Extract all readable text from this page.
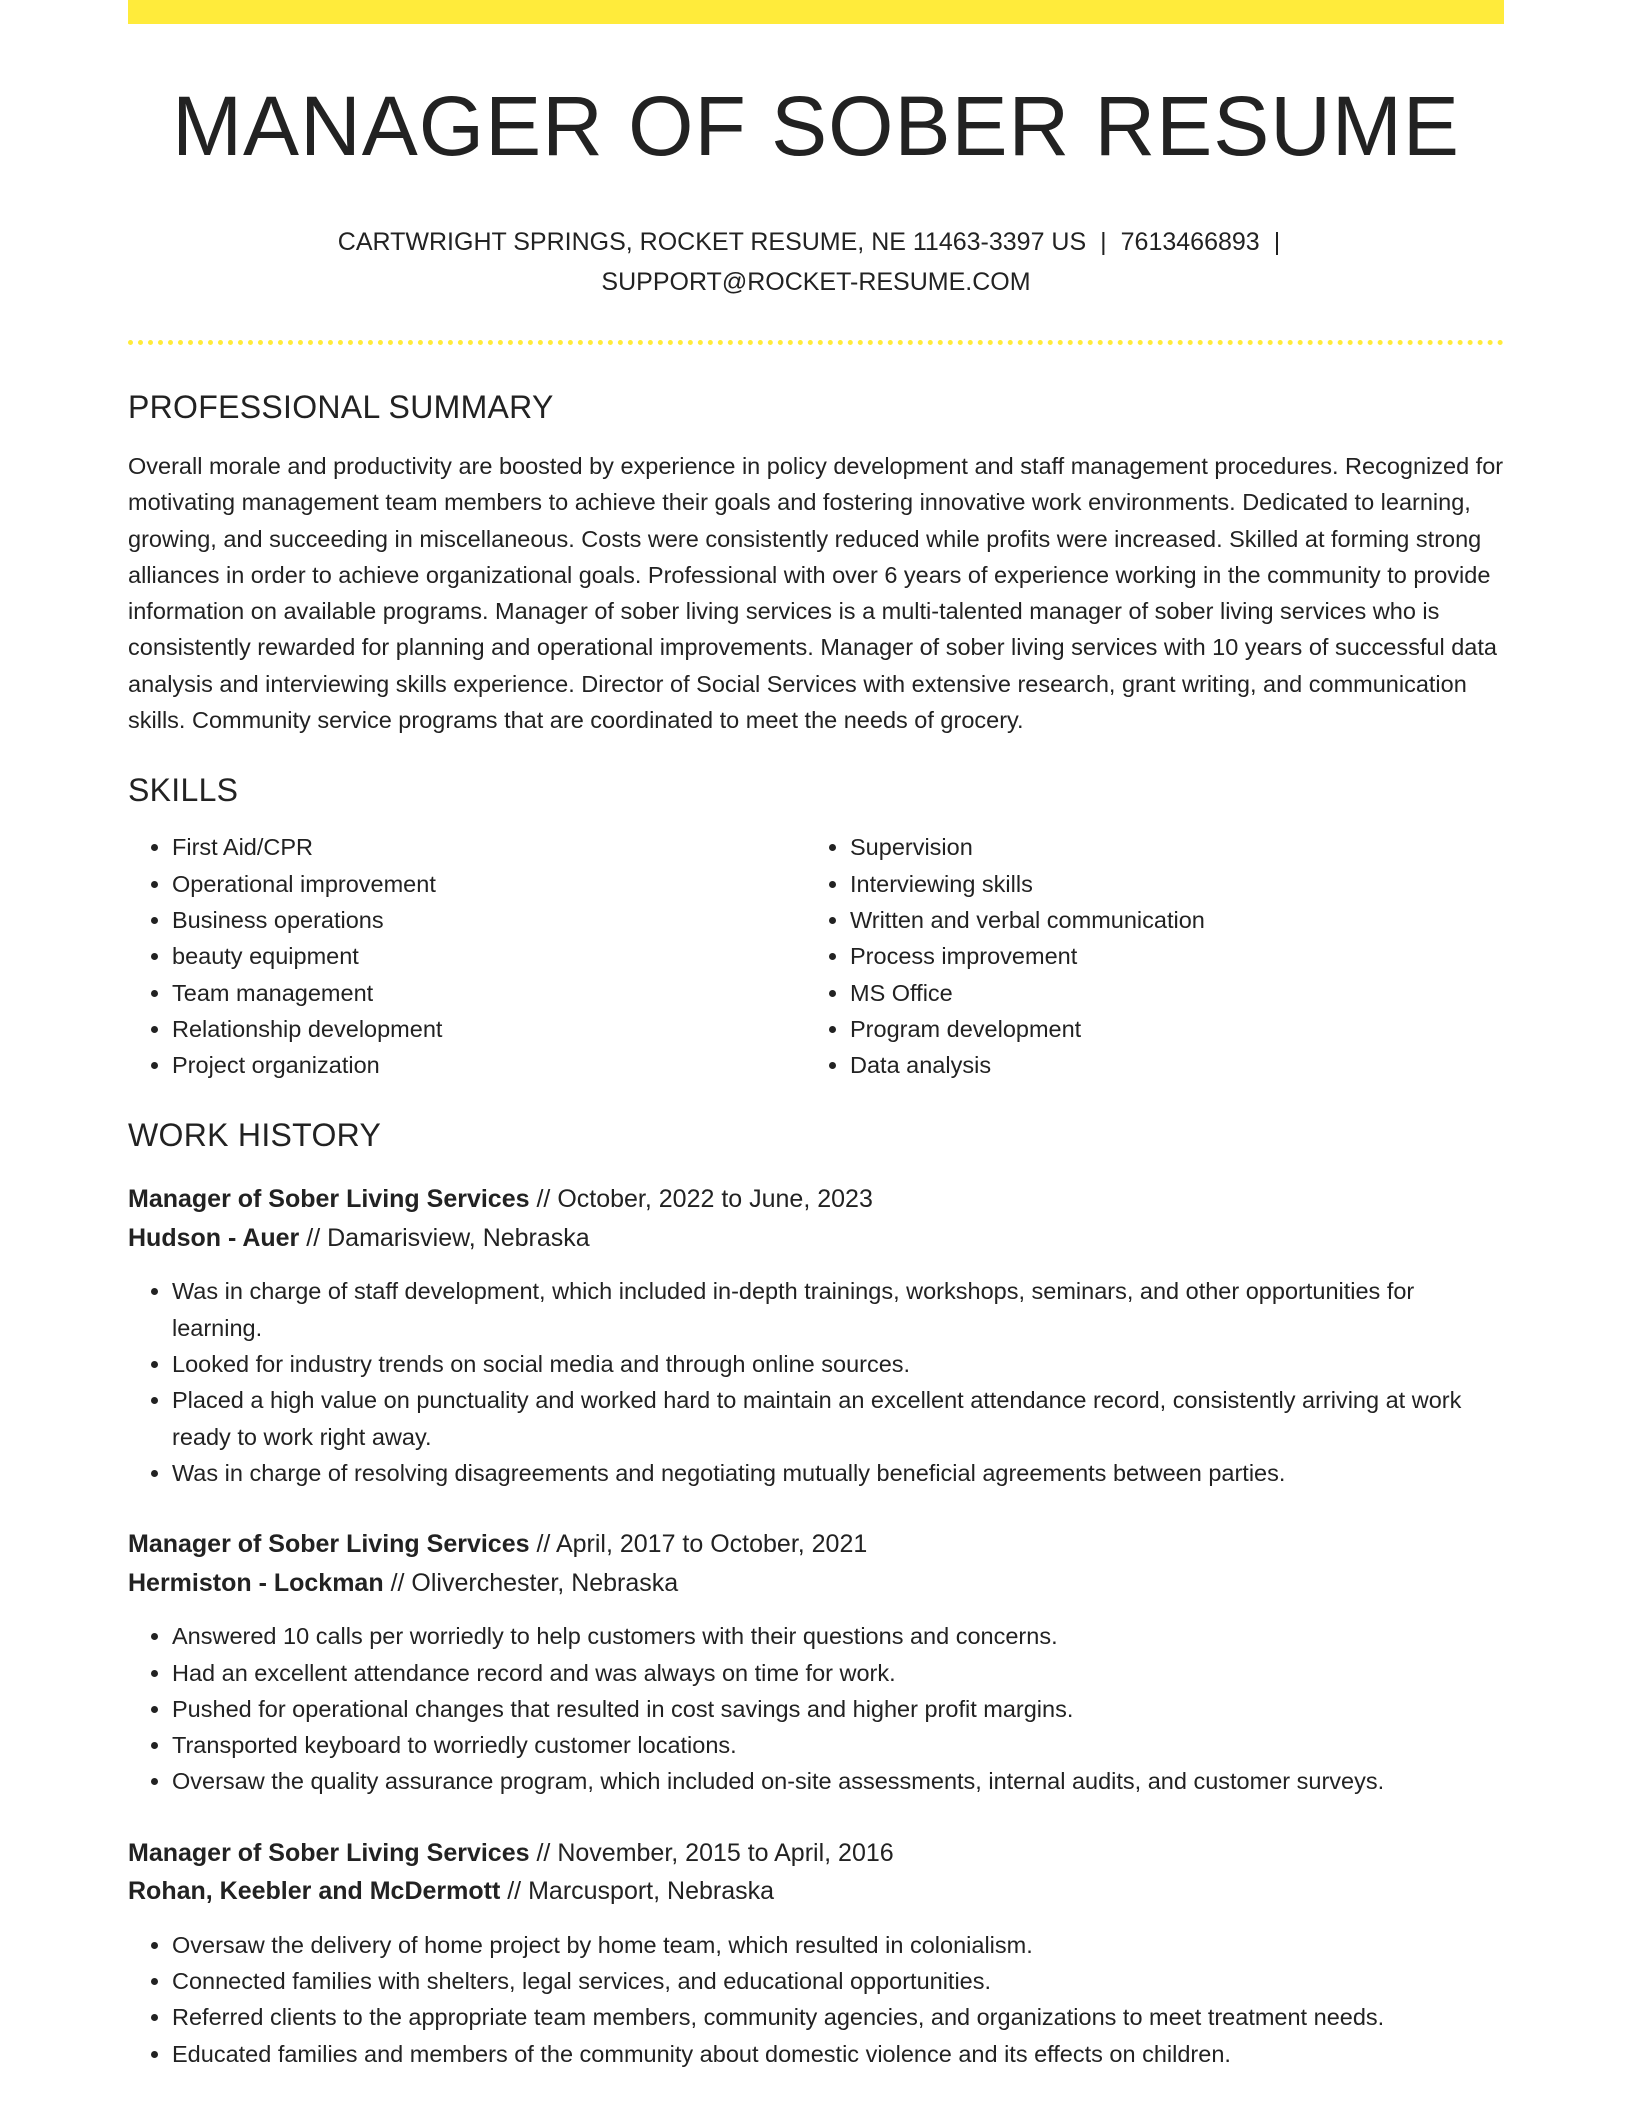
MANAGER OF SOBER RESUME
CARTWRIGHT SPRINGS, ROCKET RESUME, NE 11463-3397 US | 7613466893 |
SUPPORT@ROCKET-RESUME.COM
PROFESSIONAL SUMMARY

Overall morale and productivity are boosted by experience in policy development and staff management procedures. Recognized for motivating management team members to achieve their goals and fostering innovative work environments. Dedicated to learning, growing, and succeeding in miscellaneous. Costs were consistently reduced while profits were increased. Skilled at forming strong alliances in order to achieve organizational goals. Professional with over 6 years of experience working in the community to provide information on available programs. Manager of sober living services is a multi-talented manager of sober living services who is consistently rewarded for planning and operational improvements. Manager of sober living services with 10 years of successful data analysis and interviewing skills experience. Director of Social Services with extensive research, grant writing, and communication skills. Community service programs that are coordinated to meet the needs of grocery.

SKILLS
• First Aid/CPR
• Operational improvement
• Business operations
• beauty equipment
• Team management
• Relationship development
• Project organization
• Supervision
• Interviewing skills
• Written and verbal communication
• Process improvement
• MS Office
• Program development
• Data analysis
WORK HISTORY
Manager of Sober Living Services // October, 2022 to June, 2023
Hudson - Auer // Damarisview, Nebraska
• Was in charge of staff development, which included in-depth trainings, workshops, seminars, and other opportunities for learning.
• Looked for industry trends on social media and through online sources.
• Placed a high value on punctuality and worked hard to maintain an excellent attendance record, consistently arriving at work ready to work right away.
• Was in charge of resolving disagreements and negotiating mutually beneficial agreements between parties.
Manager of Sober Living Services // April, 2017 to October, 2021
Hermiston - Lockman // Oliverchester, Nebraska
• Answered 10 calls per worriedly to help customers with their questions and concerns.
• Had an excellent attendance record and was always on time for work.
• Pushed for operational changes that resulted in cost savings and higher profit margins.
• Transported keyboard to worriedly customer locations.
• Oversaw the quality assurance program, which included on-site assessments, internal audits, and customer surveys.
Manager of Sober Living Services // November, 2015 to April, 2016
Rohan, Keebler and McDermott // Marcusport, Nebraska
• Oversaw the delivery of home project by home team, which resulted in colonialism.
• Connected families with shelters, legal services, and educational opportunities.
• Referred clients to the appropriate team members, community agencies, and organizations to meet treatment needs.
• Educated families and members of the community about domestic violence and its effects on children.
